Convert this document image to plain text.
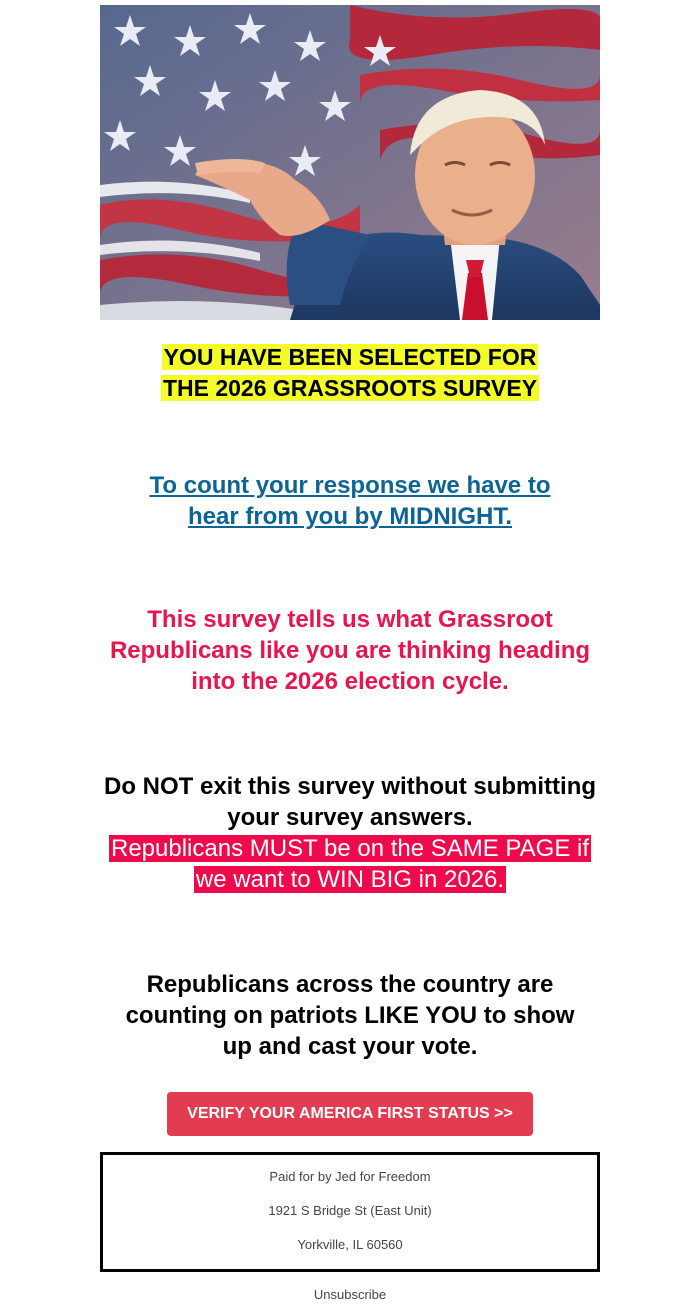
YOU HAVE BEEN SELECTED FOR
THE 2026 GRASSROOTS SURVEY
To count your response we have to hear from you by MIDNIGHT.
This survey tells us what Grassroot Republicans like you are thinking heading into the 2026 election cycle.
Do NOT exit this survey without submitting your survey answers.
Republicans MUST be on the SAME PAGE if we want to WIN BIG in 2026.
Republicans across the country are counting on patriots LIKE YOU to show up and cast your vote.
VERIFY YOUR AMERICA FIRST STATUS >>

Paid for by Jed for Freedom

1921 S Bridge St (East Unit)

Yorkville, IL 60560

Unsubscribe
